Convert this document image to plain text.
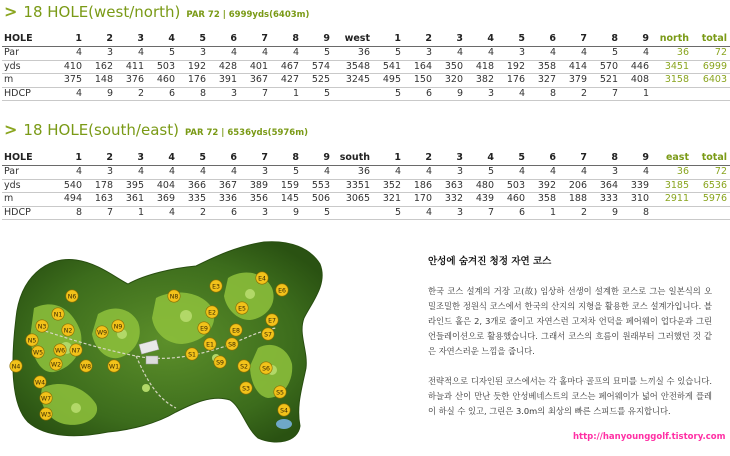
> 18 HOLE(west/north) PAR 72 | 6999yds(6403m)
HOLE	1	2	3	4	5	6	7	8	9	west	1	2	3	4	5	6	7	8	9	north	total
Par	4	3	4	5	3	4	4	4	5	36	5	3	4	4	3	4	4	5	4	36	72
yds	410	162	411	503	192	428	401	467	574	3548	541	164	350	418	192	358	414	570	446	3451	6999
m	375	148	376	460	176	391	367	427	525	3245	495	150	320	382	176	327	379	521	408	3158	6403
HDCP	4	9	2	6	8	3	7	1	5		5	6	9	3	4	8	2	7	1		
> 18 HOLE(south/east) PAR 72 | 6536yds(5976m)
HOLE	1	2	3	4	5	6	7	8	9	south	1	2	3	4	5	6	7	8	9	east	total
Par	4	3	4	4	4	4	3	5	4	36	4	4	3	5	4	4	4	3	4	36	72
yds	540	178	395	404	366	367	389	159	553	3351	352	186	363	480	503	392	206	364	339	3185	6536
m	494	163	361	369	335	336	356	145	506	3065	321	170	332	439	460	358	188	333	310	2911	5976
HDCP	8	7	1	4	2	6	3	9	5		5	4	3	7	6	1	2	9	8		
N1
N2
N3
N4
N5
N6
N7
N8
N9
W1
W2
W3
W4
W5 W6
W7
W8
W9
S1
S2
S3
S4
S5
S6
S7
S8
S9
E1
E2
E3
E4
E5
E6
E7
E8
E9
안성에 숨겨진 청정 자연 코스
한국 코스 설계의 거장 고(故) 임상하 선생이 설계한 코스로 그는 일본식의 오밀조밀한 정원식 코스에서 한국의 산지의 지형을 활용한 코스 설계가입니다. 블라인드 홀은 2, 3개로 줄이고 자연스런 고저차 언덕을 페어웨이 업다운과 그린 언들레이션으로 활용했습니다. 그래서 코스의 흐름이 원래부터 그러했던 것 같은 자연스러운 느낌을 줍니다.
전략적으로 디자인된 코스에서는 각 홀마다 골프의 묘미를 느끼실 수 있습니다. 하늘과 산이 만난 듯한 안성베네스트의 코스는 페어웨이가 넓어 안전하게 플레이 하실 수 있고, 그린은 3.0m의 최상의 빠른 스피드를 유지합니다.
http://hanyounggolf.tistory.com
